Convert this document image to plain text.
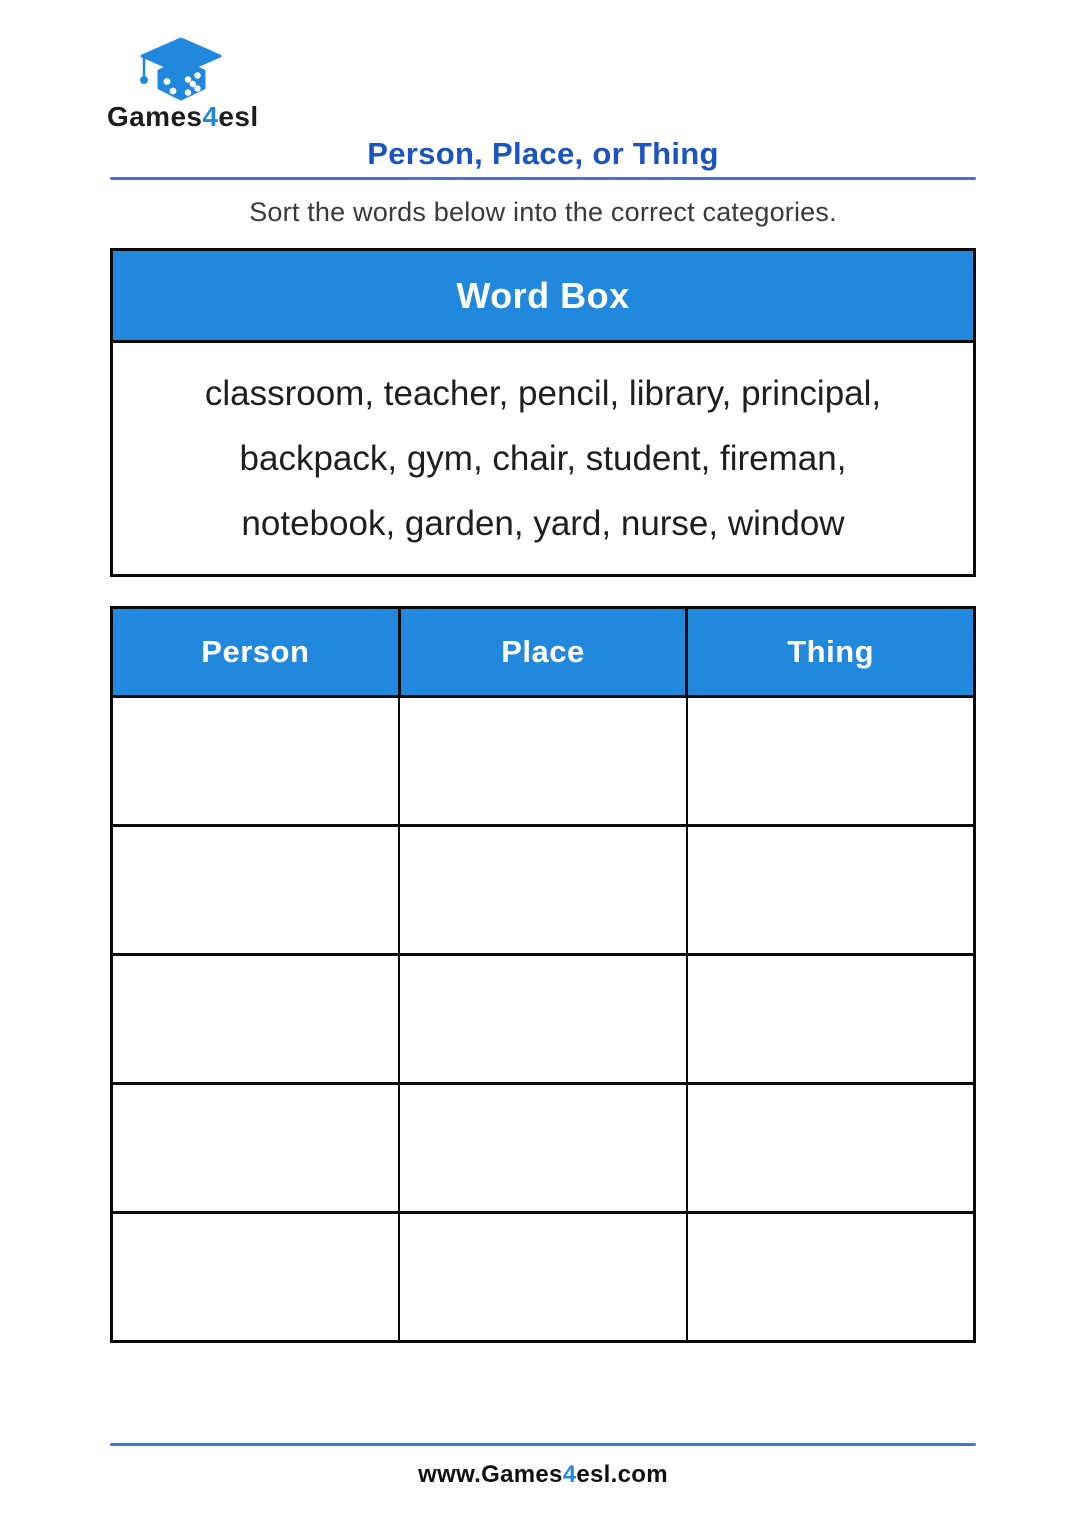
Games4esl
Person, Place, or Thing
Sort the words below into the correct categories.
Word Box
classroom, teacher, pencil, library, principal,
backpack, gym, chair, student, fireman,
notebook, garden, yard, nurse, window
Person	Place	Thing
www.Games4esl.com
